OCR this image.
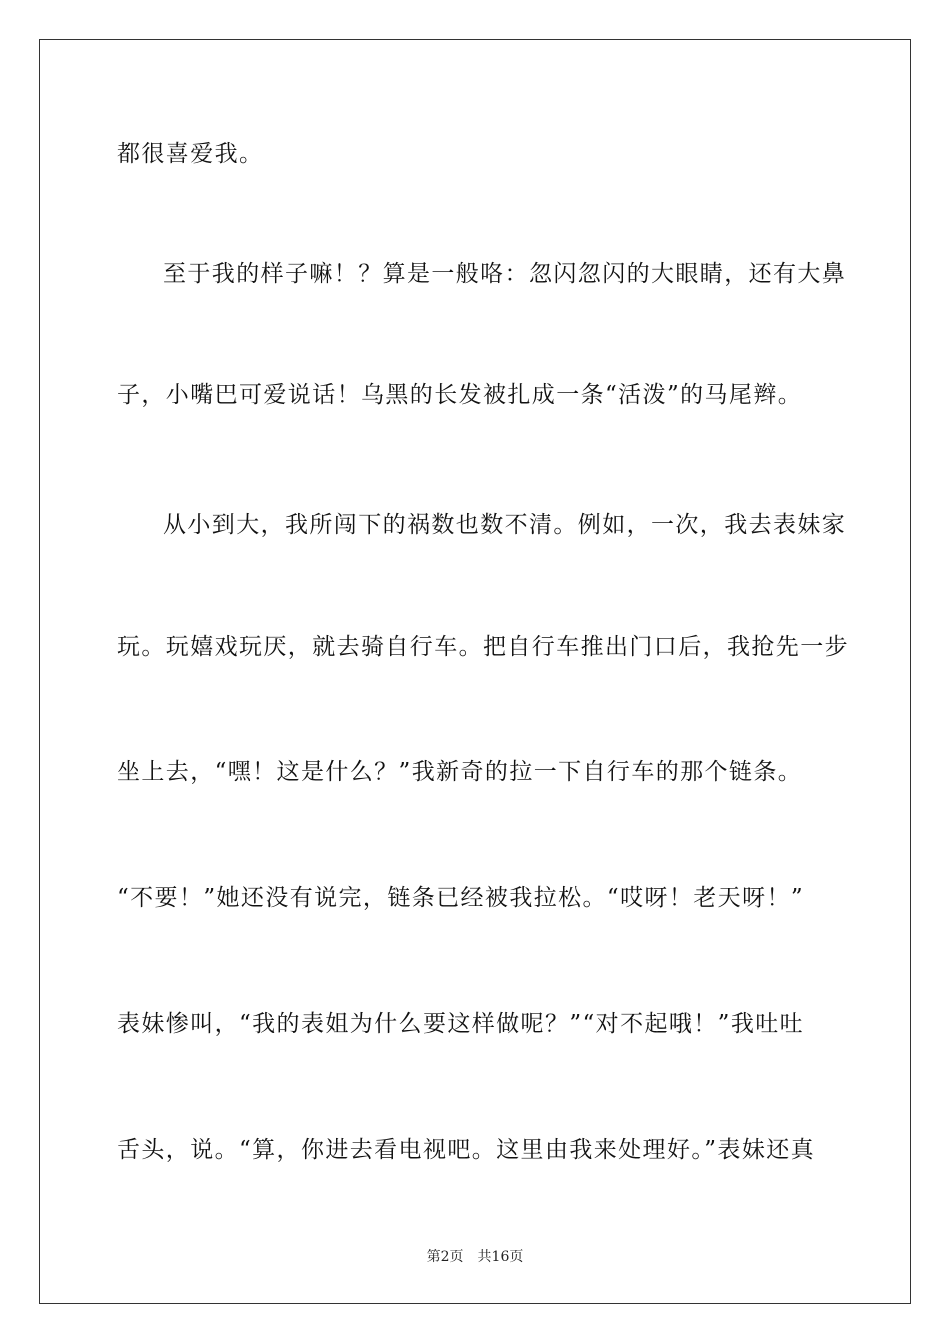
都很喜爱我。
至于我的样子嘛！？算是一般咯：忽闪忽闪的大眼睛，还有大鼻
子，小嘴巴可爱说话！乌黑的长发被扎成一条“活泼”的马尾辫。
从小到大，我所闯下的祸数也数不清。例如，一次，我去表妹家
玩。玩嬉戏玩厌，就去骑自行车。把自行车推出门口后，我抢先一步
坐上去，“嘿！这是什么？”我新奇的拉一下自行车的那个链条。
“不要！”她还没有说完，链条已经被我拉松。“哎呀！老天呀！”
表妹惨叫，“我的表姐为什么要这样做呢？”“对不起哦！”我吐吐
舌头，说。“算，你进去看电视吧。这里由我来处理好。”表妹还真
第2页 共16页
